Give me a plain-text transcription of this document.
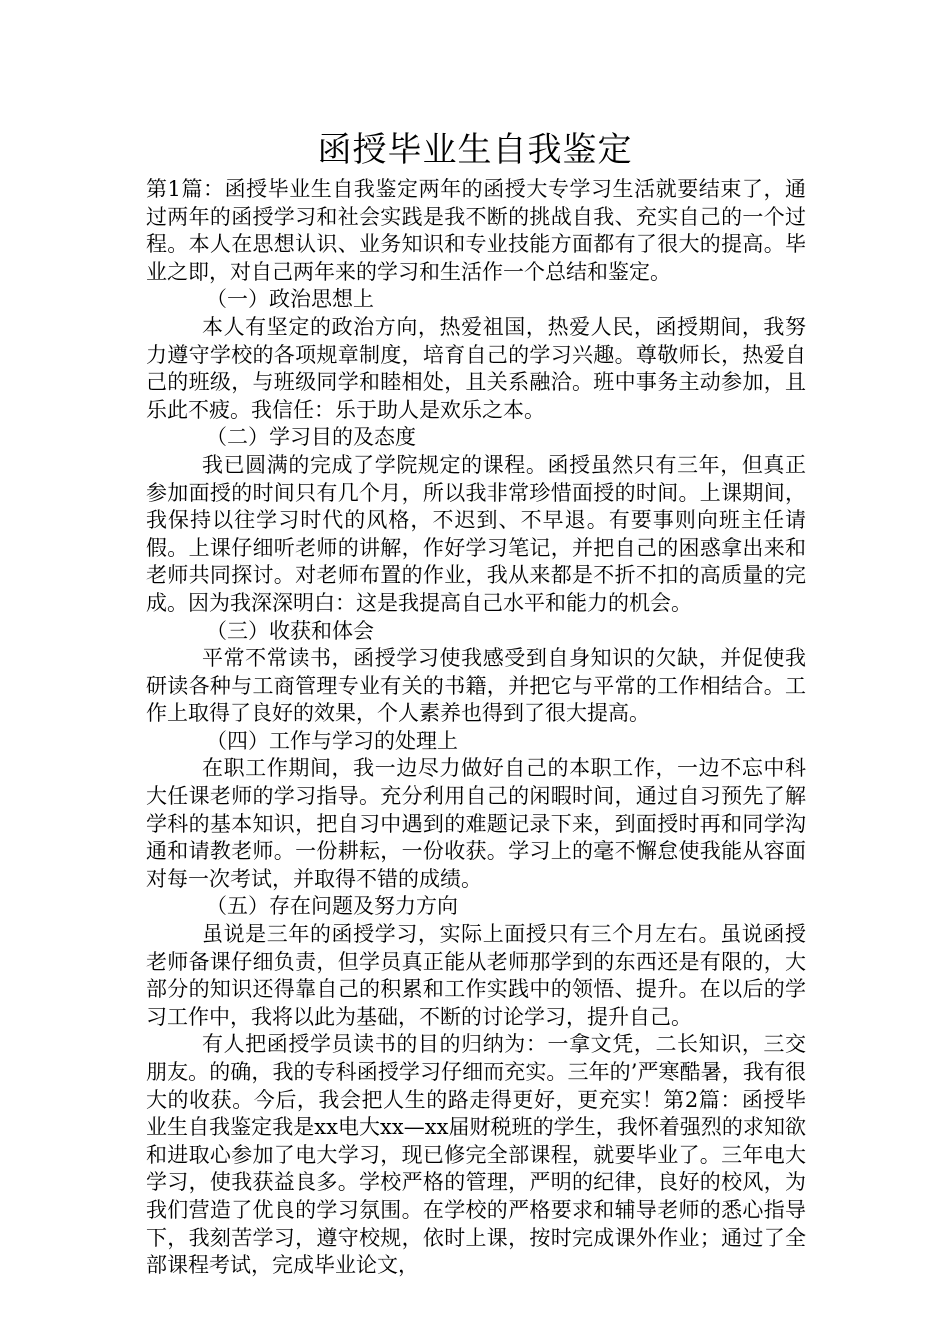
函授毕业生自我鉴定

第1篇：函授毕业生自我鉴定两年的函授大专学习生活就要结束了，通过两年的函授学习和社会实践是我不断的挑战自我、充实自己的一个过程。本人在思想认识、业务知识和专业技能方面都有了很大的提高。毕业之即，对自己两年来的学习和生活作一个总结和鉴定。

（一）政治思想上

本人有坚定的政治方向，热爱祖国，热爱人民，函授期间，我努力遵守学校的各项规章制度，培育自己的学习兴趣。尊敬师长，热爱自己的班级，与班级同学和睦相处，且关系融洽。班中事务主动参加，且乐此不疲。我信任：乐于助人是欢乐之本。

（二）学习目的及态度

我已圆满的完成了学院规定的课程。函授虽然只有三年，但真正参加面授的时间只有几个月，所以我非常珍惜面授的时间。上课期间，我保持以往学习时代的风格，不迟到、不早退。有要事则向班主任请假。上课仔细听老师的讲解，作好学习笔记，并把自己的困惑拿出来和老师共同探讨。对老师布置的作业，我从来都是不折不扣的高质量的完成。因为我深深明白：这是我提高自己水平和能力的机会。

（三）收获和体会

平常不常读书，函授学习使我感受到自身知识的欠缺，并促使我研读各种与工商管理专业有关的书籍，并把它与平常的工作相结合。工作上取得了良好的效果，个人素养也得到了很大提高。

（四）工作与学习的处理上

在职工作期间，我一边尽力做好自己的本职工作，一边不忘中科大任课老师的学习指导。充分利用自己的闲暇时间，通过自习预先了解学科的基本知识，把自习中遇到的难题记录下来，到面授时再和同学沟通和请教老师。一份耕耘，一份收获。学习上的毫不懈怠使我能从容面对每一次考试，并取得不错的成绩。

（五）存在问题及努力方向

虽说是三年的函授学习，实际上面授只有三个月左右。虽说函授老师备课仔细负责，但学员真正能从老师那学到的东西还是有限的，大部分的知识还得靠自己的积累和工作实践中的领悟、提升。在以后的学习工作中，我将以此为基础，不断的讨论学习，提升自己。

有人把函授学员读书的目的归纳为：一拿文凭，二长知识，三交朋友。的确，我的专科函授学习仔细而充实。三年的’严寒酷暑，我有很大的收获。今后，我会把人生的路走得更好，更充实！第2篇：函授毕业生自我鉴定我是xx电大xx—xx届财税班的学生，我怀着强烈的求知欲和进取心参加了电大学习，现已修完全部课程，就要毕业了。三年电大学习，使我获益良多。学校严格的管理，严明的纪律，良好的校风，为我们营造了优良的学习氛围。在学校的严格要求和辅导老师的悉心指导下，我刻苦学习，遵守校规，依时上课，按时完成课外作业；通过了全部课程考试，完成毕业论文，
